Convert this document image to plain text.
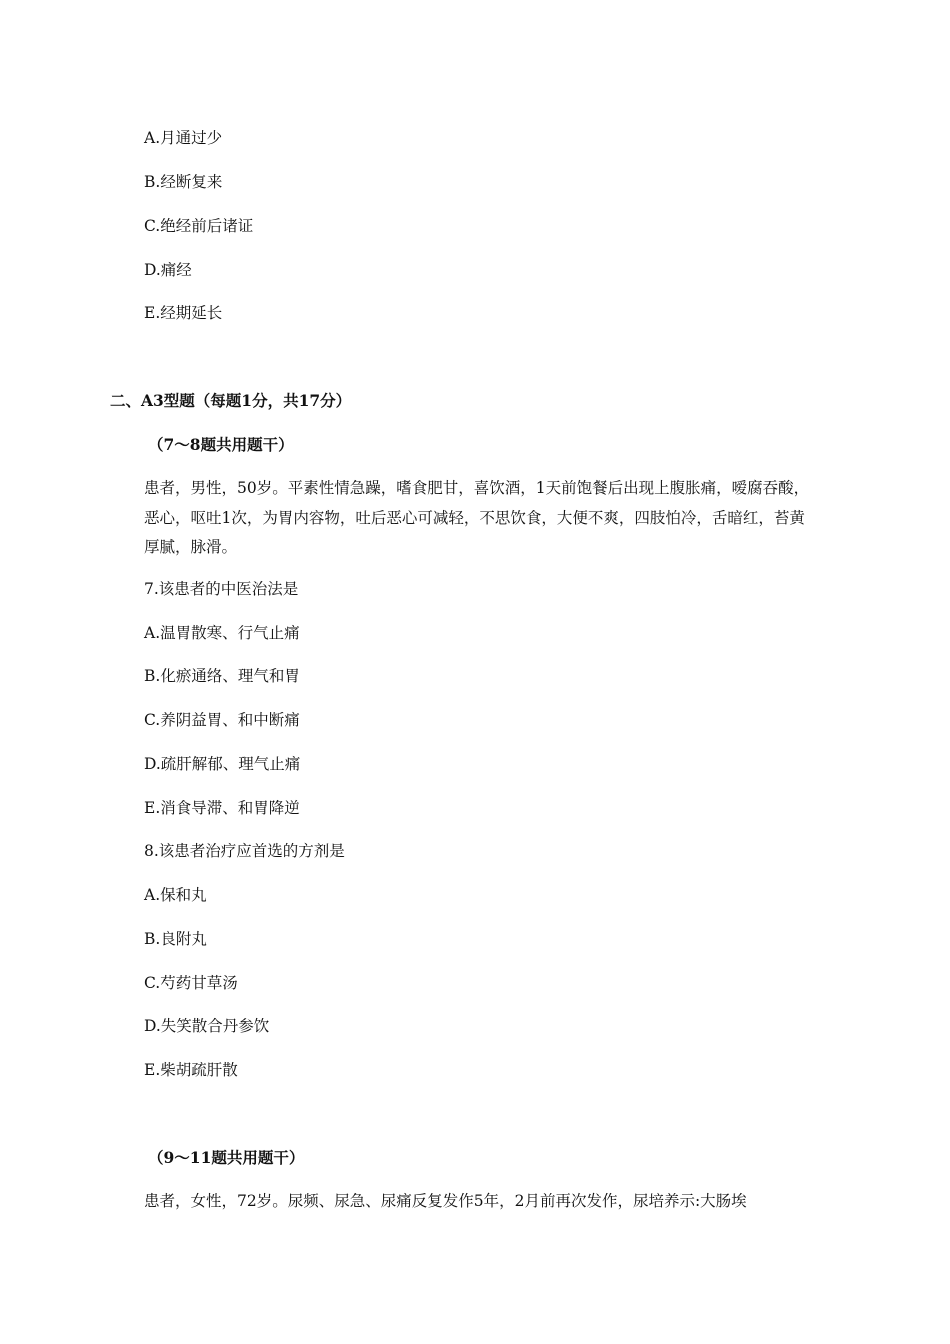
A.月通过少
B.经断复来
C.绝经前后诸证
D.痛经
E.经期延长
二、A3型题（每题1分，共17分）
（7～8题共用题干）
患者，男性，50岁。平素性情急躁，嗜食肥甘，喜饮酒，1天前饱餐后出现上腹胀痛，嗳腐吞酸，恶心，呕吐1次，为胃内容物，吐后恶心可减轻，不思饮食，大便不爽，四肢怕冷，舌暗红，苔黄厚腻，脉滑。
7.该患者的中医治法是
A.温胃散寒、行气止痛
B.化瘀通络、理气和胃
C.养阴益胃、和中断痛
D.疏肝解郁、理气止痛
E.消食导滞、和胃降逆
8.该患者治疗应首选的方剂是
A.保和丸
B.良附丸
C.芍药甘草汤
D.失笑散合丹参饮
E.柴胡疏肝散
（9～11题共用题干）
患者，女性，72岁。尿频、尿急、尿痛反复发作5年，2月前再次发作，尿培养示:大肠埃
